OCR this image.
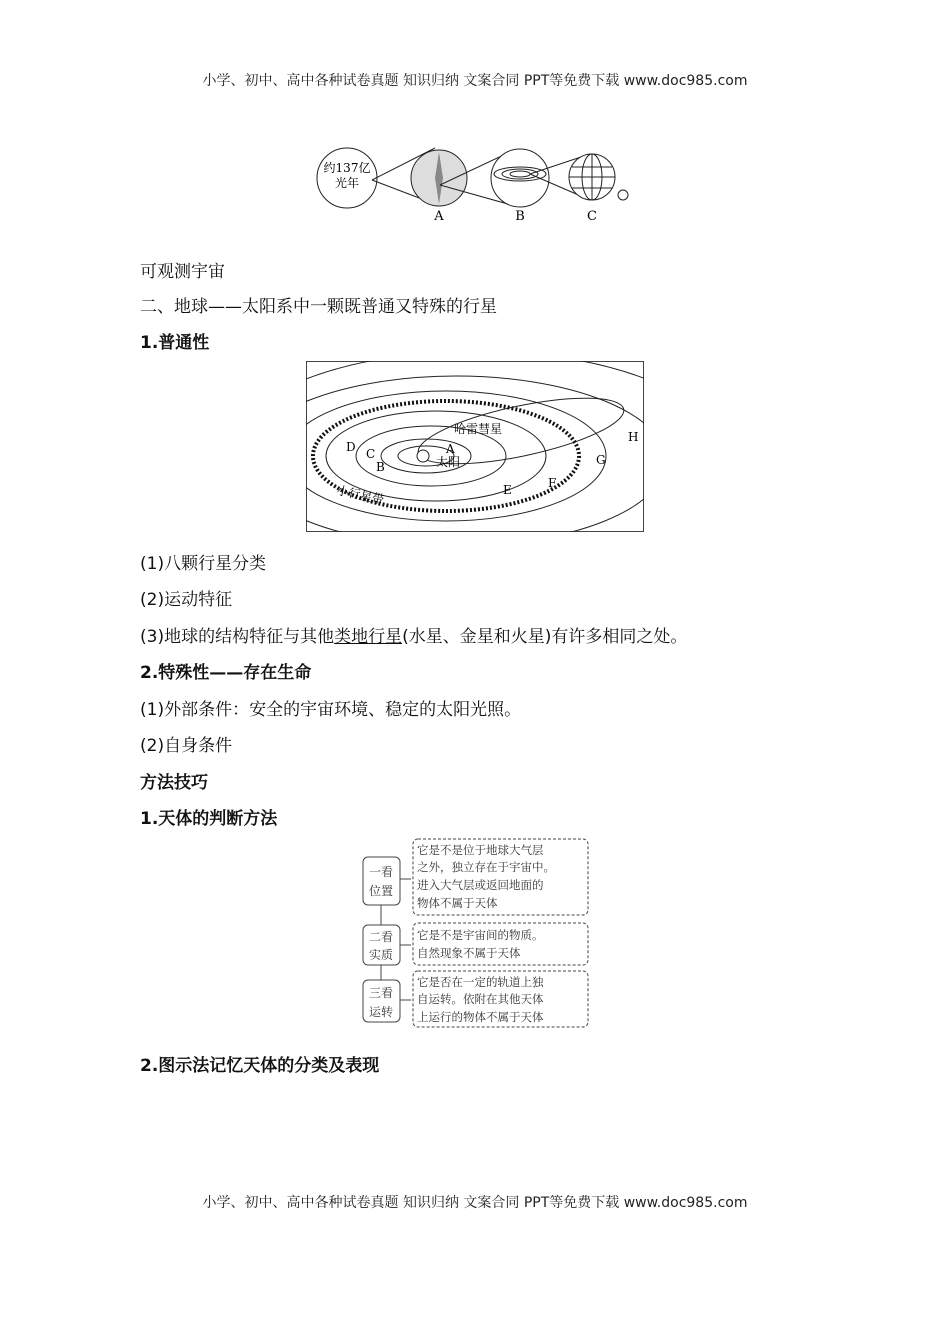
小学、初中、高中各种试卷真题 知识归纳 文案合同 PPT等免费下载 www.doc985.com
约137亿
光年
A	B	C
可观测宇宙
二、地球——太阳系中一颗既普通又特殊的行星
1.普通性
太阳
哈雷彗星
小行星带
A
B
C
D
E	F
G
H
(1)八颗行星分类
(2)运动特征
(3)地球的结构特征与其他类地行星(水星、金星和火星)有许多相同之处。
2.特殊性——存在生命
(1)外部条件：安全的宇宙环境、稳定的太阳光照。
(2)自身条件
方法技巧
1.天体的判断方法
一看
位置
二看
实质
三看
运转
它是不是位于地球大气层
之外，独立存在于宇宙中。
进入大气层或返回地面的
物体不属于天体
它是不是宇宙间的物质。
自然现象不属于天体
它是否在一定的轨道上独
自运转。依附在其他天体
上运行的物体不属于天体
2.图示法记忆天体的分类及表现
小学、初中、高中各种试卷真题 知识归纳 文案合同 PPT等免费下载 www.doc985.com
